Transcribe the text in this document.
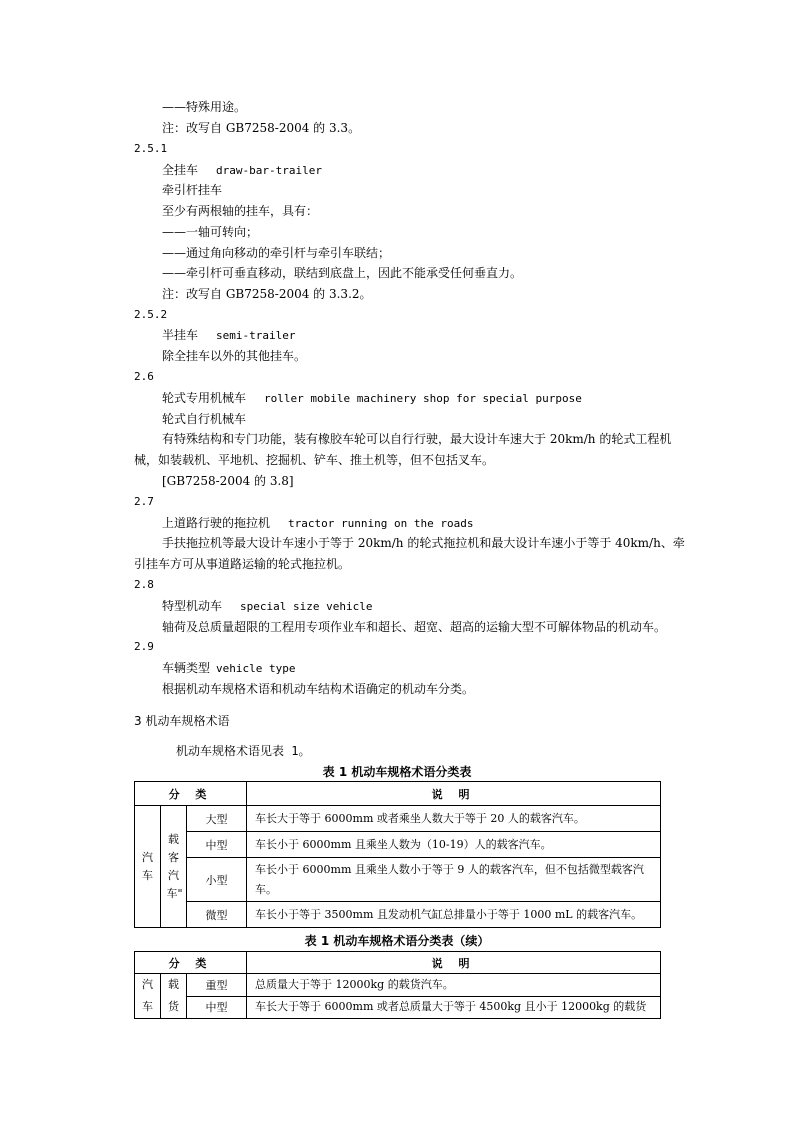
——特殊用途。
注：改写自 GB7258-2004 的 3.3。
2.5.1
全挂车 draw-bar-trailer
牵引杆挂车
至少有两根轴的挂车，具有：
——一轴可转向；
——通过角向移动的牵引杆与牵引车联结；
——牵引杆可垂直移动，联结到底盘上，因此不能承受任何垂直力。
注：改写自 GB7258-2004 的 3.3.2。
2.5.2
半挂车 semi-trailer
除全挂车以外的其他挂车。
2.6
轮式专用机械车 roller mobile machinery shop for special purpose
轮式自行机械车
有特殊结构和专门功能，装有橡胶车轮可以自行行驶，最大设计车速大于 20km/h 的轮式工程机
械，如装载机、平地机、挖掘机、铲车、推土机等，但不包括叉车。
[GB7258-2004 的 3.8]
2.7
上道路行驶的拖拉机 tractor running on the roads
手扶拖拉机等最大设计车速小于等于 20km/h 的轮式拖拉机和最大设计车速小于等于 40km/h、牵
引挂车方可从事道路运输的轮式拖拉机。
2.8
特型机动车 special size vehicle
轴荷及总质量超限的工程用专项作业车和超长、超宽、超高的运输大型不可解体物品的机动车。
2.9
车辆类型 vehicle type
根据机动车规格术语和机动车结构术语确定的机动车分类。
3 机动车规格术语
机动车规格术语见表 1。
表 1 机动车规格术语分类表
分 类			说 明

汽车	载客汽车"	大型	车长大于等于 6000mm 或者乘坐人数大于等于 20 人的载客汽车。
		中型	车长小于 6000mm 且乘坐人数为（10-19）人的载客汽车。
		小型	车长小于 6000mm 且乘坐人数小于等于 9 人的载客汽车，但不包括微型载客汽车。
		微型	车长小于等于 3500mm 且发动机气缸总排量小于等于 1000 mL 的载客汽车。
表 1 机动车规格术语分类表（续）
分 类			说 明

汽车	载货	重型	总质量大于等于 12000kg 的载货汽车。
		中型	车长大于等于 6000mm 或者总质量大于等于 4500kg 且小于 12000kg 的载货
